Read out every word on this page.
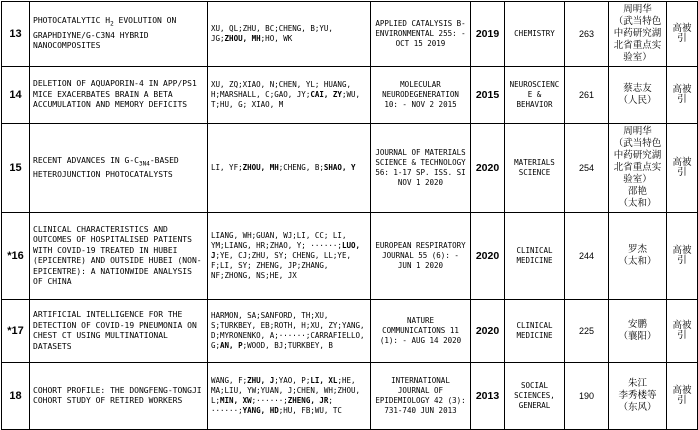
13	PHOTOCATALYTIC $H_2$ EVOLUTION ON GRAPHDIYNE/G-C3N4 HYBRID NANOCOMPOSITES	XU, QL;ZHU, BC;CHENG, B;YU, JG;ZHOU, MH;HO, WK	APPLIED CATALYSIS B-ENVIRONMENTAL 255: - OCT 15 2019	2019	CHEMISTRY	263	周明华
（武当特色中药研究湖北省重点实验室）	高被引
14	DELETION OF AQUAPORIN-4 IN APP/PS1 MICE EXACERBATES BRAIN A BETA ACCUMULATION AND MEMORY DEFICITS	XU, ZQ;XIAO, N;CHEN, YL; HUANG, H;MARSHALL, C;GAO, JY;CAI, ZY;WU, T;HU, G; XIAO, M	MOLECULAR NEURODEGENERATION 10: - NOV 2 2015	2015	NEUROSCIENCE & BEHAVIOR	261	蔡志友
（人民）	高被引
15	RECENT ADVANCES IN $G-C_{3N4}$-BASED HETEROJUNCTION PHOTOCATALYSTS	LI, YF;ZHOU, MH;CHENG, B;SHAO, Y	JOURNAL OF MATERIALS SCIENCE & TECHNOLOGY 56: 1-17 SP. ISS. SI NOV 1 2020	2020	MATERIALS SCIENCE	254	周明华
（武当特色中药研究湖北省重点实验室）
邵艳
（太和）	高被引
*16	CLINICAL CHARACTERISTICS AND OUTCOMES OF HOSPITALISED PATIENTS WITH COVID-19 TREATED IN HUBEI (EPICENTRE) AND OUTSIDE HUBEI (NON-EPICENTRE): A NATIONWIDE ANALYSIS OF CHINA	LIANG, WH;GUAN, WJ;LI, CC; LI, YM;LIANG, HR;ZHAO, Y; ······;LUO, J;YE, CJ;ZHU, SY; CHENG, LL;YE, F;LI, SY; ZHENG, JP;ZHANG, NF;ZHONG, NS;HE, JX	EUROPEAN RESPIRATORY JOURNAL 55 (6): - JUN 1 2020	2020	CLINICAL MEDICINE	244	罗杰
（太和）	高被引
*17	ARTIFICIAL INTELLIGENCE FOR THE DETECTION OF COVID-19 PNEUMONIA ON CHEST CT USING MULTINATIONAL DATASETS	HARMON, SA;SANFORD, TH;XU, S;TURKBEY, EB;ROTH, H;XU, ZY;YANG, D;MYRONENKO, A;······;CARRAFIELLO, G;AN, P;WOOD, BJ;TURKBEY, B	NATURE COMMUNICATIONS 11 (1): - AUG 14 2020	2020	CLINICAL MEDICINE	225	安鹏
（襄阳）	高被引
18	COHORT PROFILE: THE DONGFENG-TONGJI COHORT STUDY OF RETIRED WORKERS	WANG, F;ZHU, J;YAO, P;LI, XL;HE, MA;LIU, YW;YUAN, J;CHEN, WH;ZHOU, L;MIN, XW;······;ZHENG, JR; ······;YANG, HD;HU, FB;WU, TC	INTERNATIONAL JOURNAL OF EPIDEMIOLOGY 42 (3): 731-740 JUN 2013	2013	SOCIAL SCIENCES, GENERAL	190	朱江
李秀楼等
（东风）	高被引
